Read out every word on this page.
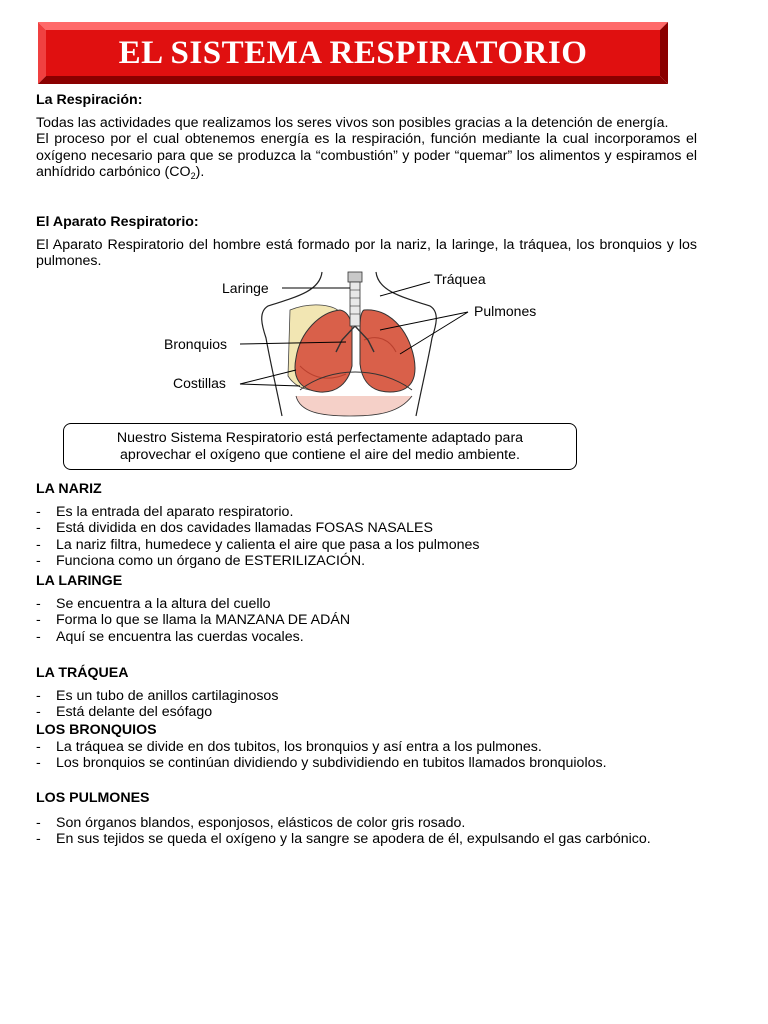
EL SISTEMA RESPIRATORIO
La Respiración:
Todas las actividades que realizamos los seres vivos son posibles gracias a la detención de energía.
El proceso por el cual obtenemos energía es la respiración, función mediante la cual incorporamos el oxígeno necesario para que se produzca la “combustión” y poder “quemar” los alimentos y espiramos el anhídrido carbónico $(CO_2)$.
El Aparato Respiratorio:
El Aparato Respiratorio del hombre está formado por la nariz, la laringe, la tráquea, los bronquios y los pulmones.
Laringe
Tráquea
Pulmones
Bronquios
Costillas
Nuestro Sistema Respiratorio está perfectamente adaptado para
aprovechar el oxígeno que contiene el aire del medio ambiente.
LA NARIZ
- Es la entrada del aparato respiratorio.
- Está dividida en dos cavidades llamadas FOSAS NASALES
- La nariz filtra, humedece y calienta el aire que pasa a los pulmones
- Funciona como un órgano de ESTERILIZACIÓN.
LA LARINGE
- Se encuentra a la altura del cuello
- Forma lo que se llama la MANZANA DE ADÁN
- Aquí se encuentra las cuerdas vocales.
LA TRÁQUEA
- Es un tubo de anillos cartilaginosos
- Está delante del esófago
LOS BRONQUIOS
- La tráquea se divide en dos tubitos, los bronquios y así entra a los pulmones.
- Los bronquios se continúan dividiendo y subdividiendo en tubitos llamados bronquiolos.
LOS PULMONES
- Son órganos blandos, esponjosos, elásticos de color gris rosado.
- En sus tejidos se queda el oxígeno y la sangre se apodera de él, expulsando el gas carbónico.
